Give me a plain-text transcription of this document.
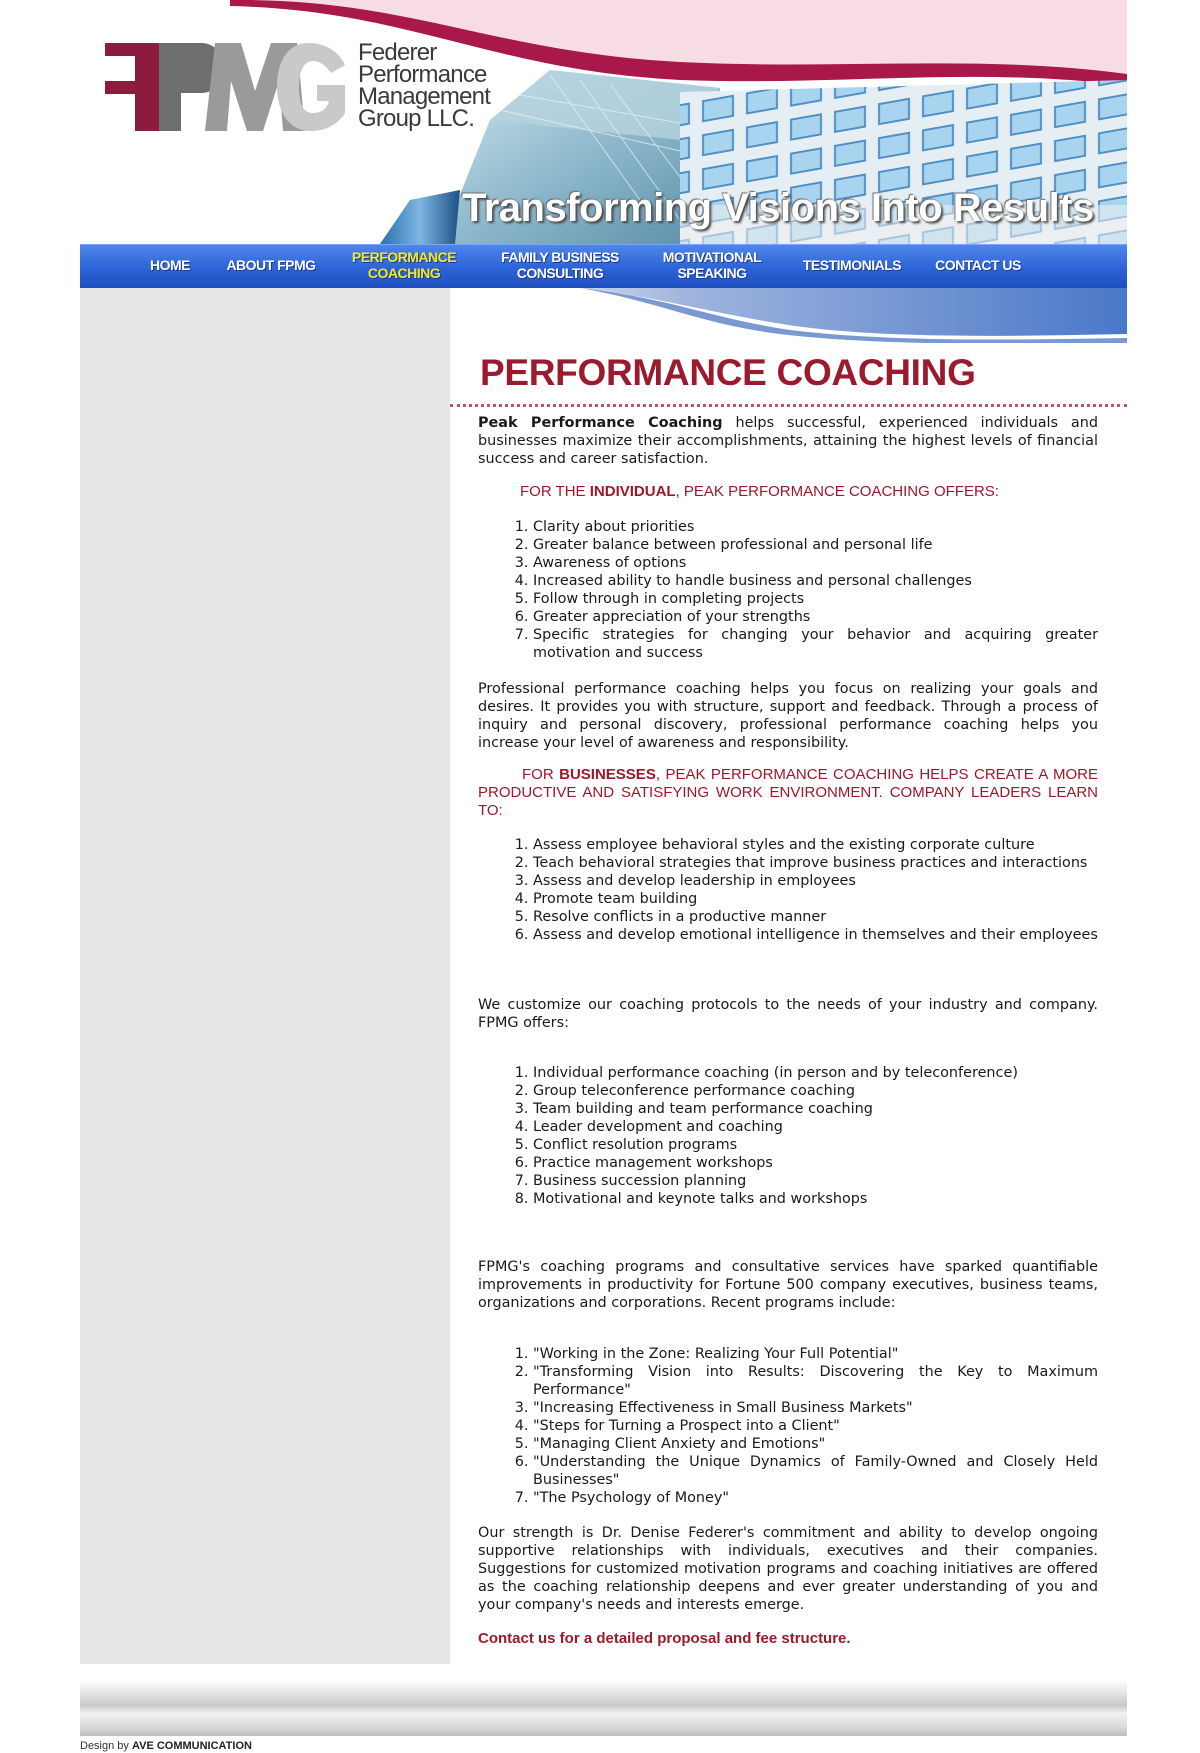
Federer
Performance
Management
Group LLC.
Transforming Visions Into Results
HOME	ABOUT FPMG	PERFORMANCE
COACHING
FAMILY BUSINESS
CONSULTING
MOTIVATIONAL
SPEAKING	TESTIMONIALS	CONTACT US
PERFORMANCE COACHING

Peak Performance Coaching helps successful, experienced individuals and businesses maximize their accomplishments, attaining the highest levels of financial success and career satisfaction.

FOR THE INDIVIDUAL, PEAK PERFORMANCE COACHING OFFERS:

1. Clarity about priorities
2. Greater balance between professional and personal life
3. Awareness of options
4. Increased ability to handle business and personal challenges
5. Follow through in completing projects
6. Greater appreciation of your strengths
7. Specific strategies for changing your behavior and acquiring greater motivation and success

Professional performance coaching helps you focus on realizing your goals and desires. It provides you with structure, support and feedback. Through a process of inquiry and personal discovery, professional performance coaching helps you increase your level of awareness and responsibility.

FOR BUSINESSES, PEAK PERFORMANCE COACHING HELPS CREATE A MORE PRODUCTIVE AND SATISFYING WORK ENVIRONMENT. COMPANY LEADERS LEARN TO:

1. Assess employee behavioral styles and the existing corporate culture
2. Teach behavioral strategies that improve business practices and interactions
3. Assess and develop leadership in employees
4. Promote team building
5. Resolve conflicts in a productive manner
6. Assess and develop emotional intelligence in themselves and their employees

We customize our coaching protocols to the needs of your industry and company. FPMG offers:

1. Individual performance coaching (in person and by teleconference)
2. Group teleconference performance coaching
3. Team building and team performance coaching
4. Leader development and coaching
5. Conflict resolution programs
6. Practice management workshops
7. Business succession planning
8. Motivational and keynote talks and workshops

FPMG's coaching programs and consultative services have sparked quantifiable improvements in productivity for Fortune 500 company executives, business teams, organizations and corporations. Recent programs include:

1. "Working in the Zone: Realizing Your Full Potential"
2. "Transforming Vision into Results: Discovering the Key to Maximum Performance"
3. "Increasing Effectiveness in Small Business Markets"
4. "Steps for Turning a Prospect into a Client"
5. "Managing Client Anxiety and Emotions"
6. "Understanding the Unique Dynamics of Family-Owned and Closely Held Businesses"
7. "The Psychology of Money"

Our strength is Dr. Denise Federer's commitment and ability to develop ongoing supportive relationships with individuals, executives and their companies. Suggestions for customized motivation programs and coaching initiatives are offered as the coaching relationship deepens and ever greater understanding of you and your company's needs and interests emerge.

Contact us for a detailed proposal and fee structure.

Design by AVE COMMUNICATION
